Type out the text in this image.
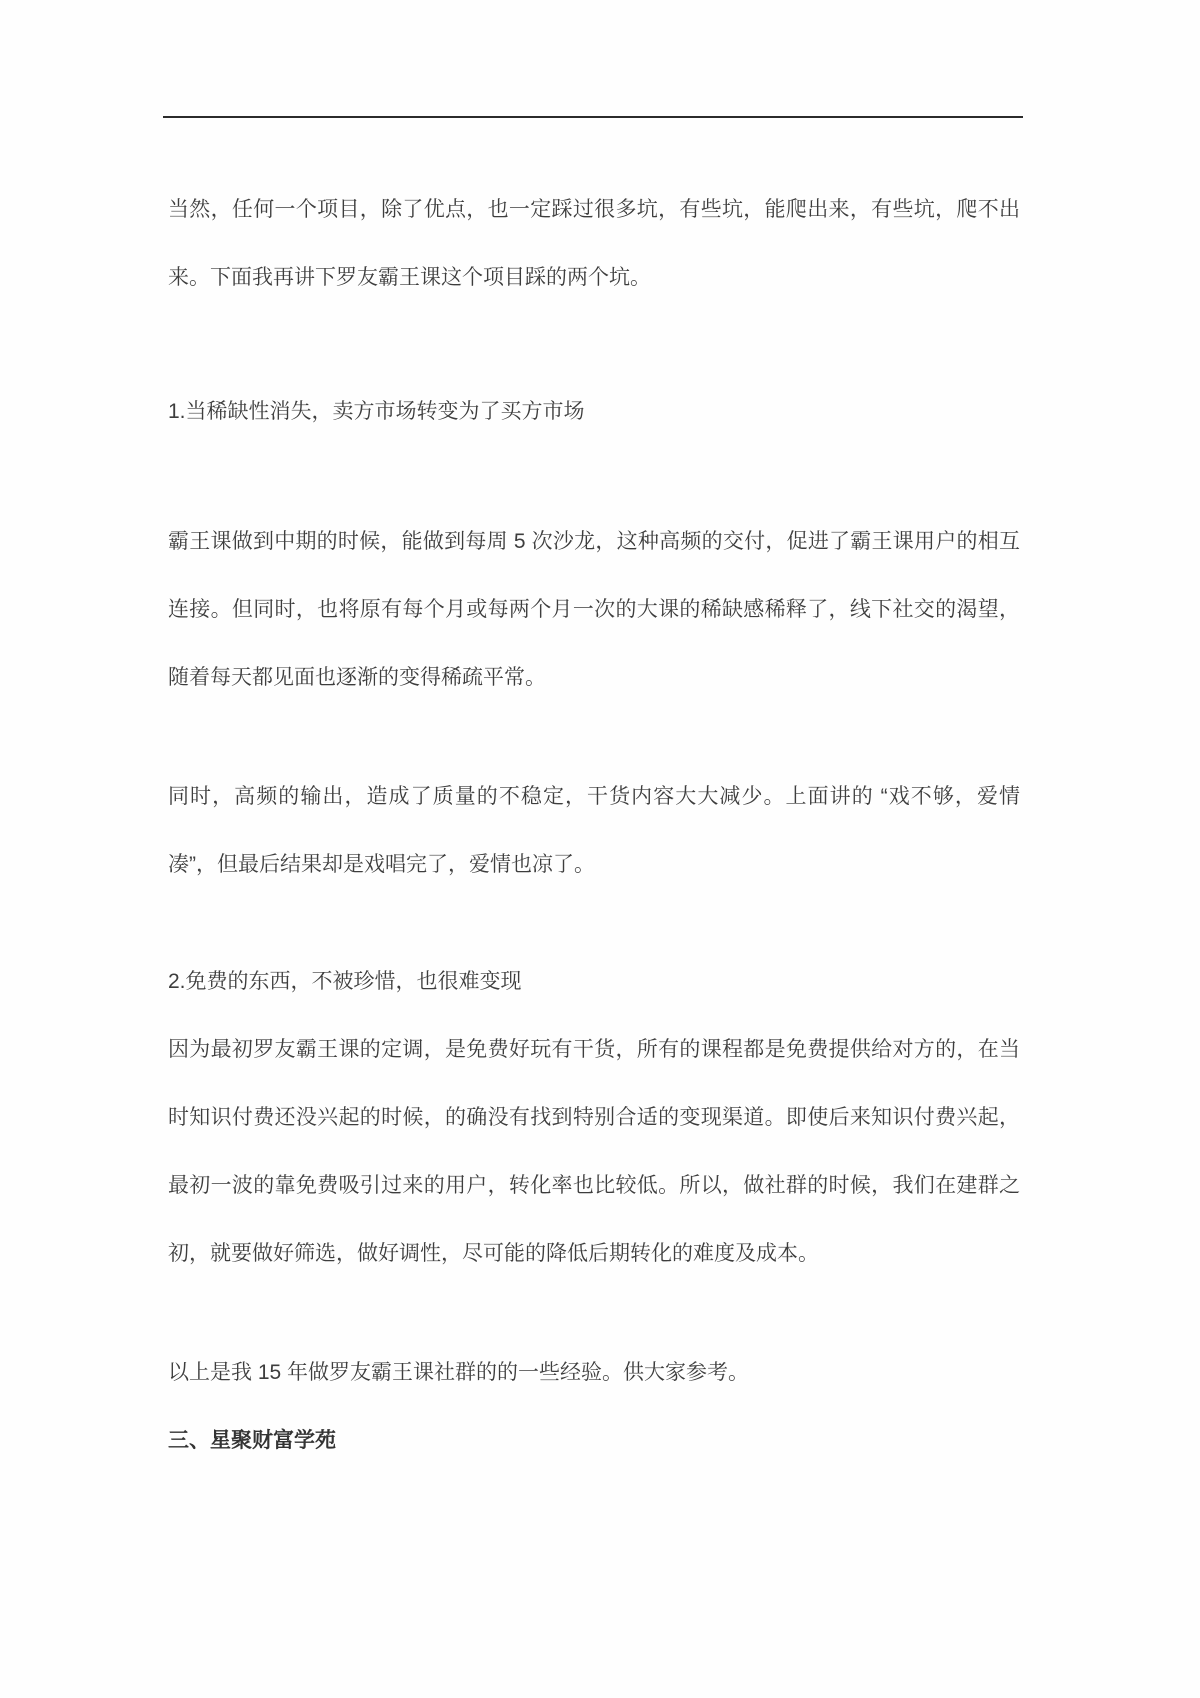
当然，任何一个项目，除了优点，也一定踩过很多坑，有些坑，能爬出来，有些坑，爬不出来。下面我再讲下罗友霸王课这个项目踩的两个坑。

1.当稀缺性消失，卖方市场转变为了买方市场

霸王课做到中期的时候，能做到每周 5 次沙龙，这种高频的交付，促进了霸王课用户的相互连接。但同时，也将原有每个月或每两个月一次的大课的稀缺感稀释了，线下社交的渴望，随着每天都见面也逐渐的变得稀疏平常。

同时，高频的输出，造成了质量的不稳定，干货内容大大减少。上面讲的 “戏不够，爱情凑”，但最后结果却是戏唱完了，爱情也凉了。

2.免费的东西，不被珍惜，也很难变现

因为最初罗友霸王课的定调，是免费好玩有干货，所有的课程都是免费提供给对方的，在当时知识付费还没兴起的时候，的确没有找到特别合适的变现渠道。即使后来知识付费兴起，最初一波的靠免费吸引过来的用户，转化率也比较低。所以，做社群的时候，我们在建群之初，就要做好筛选，做好调性，尽可能的降低后期转化的难度及成本。

以上是我 15 年做罗友霸王课社群的的一些经验。供大家参考。

三、星聚财富学苑
